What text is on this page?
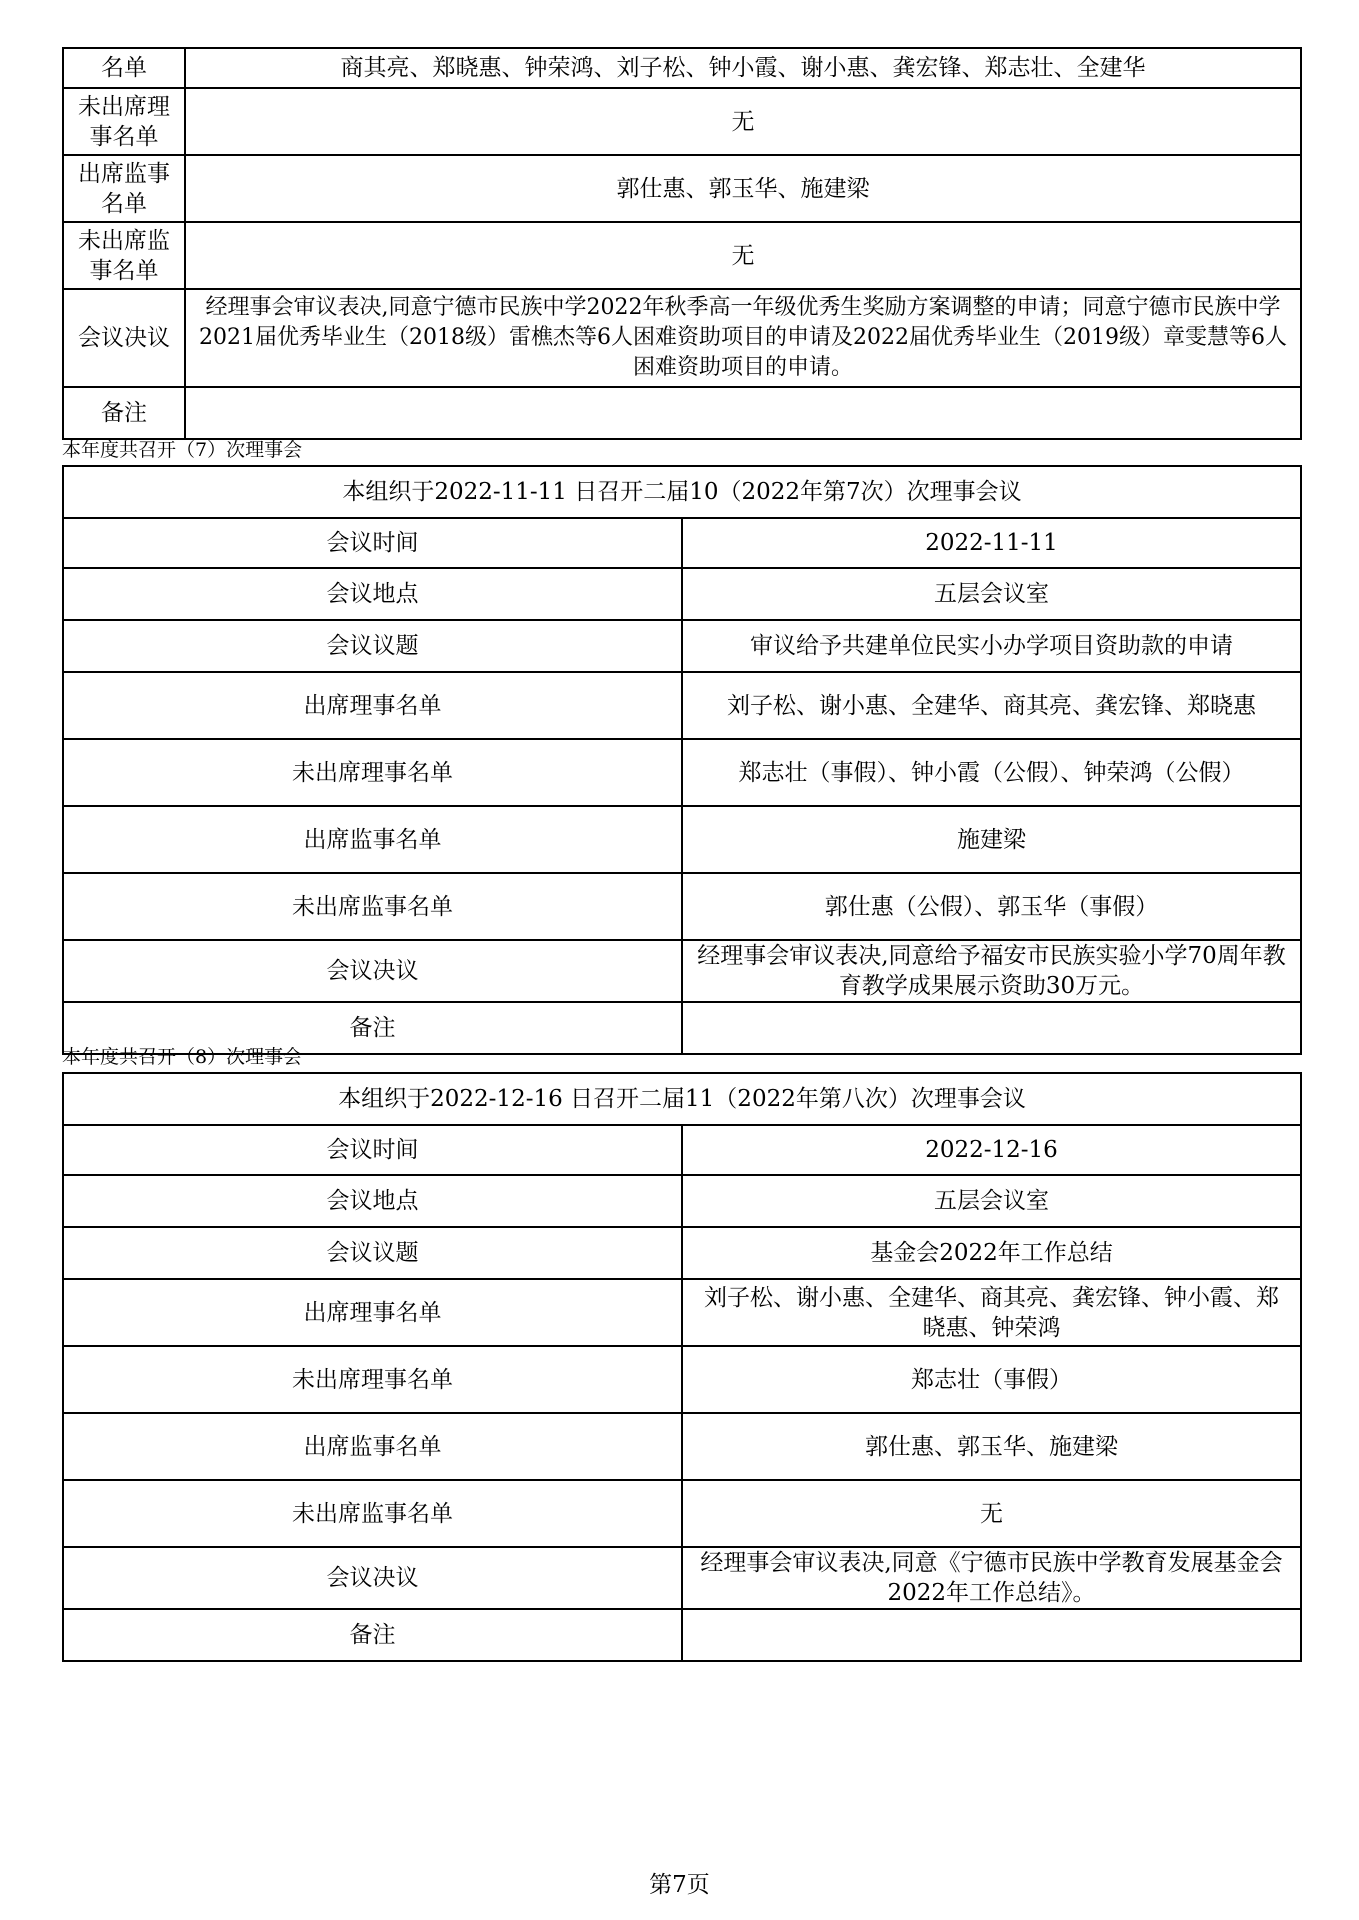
名单	商其亮、郑晓惠、钟荣鸿、刘子松、钟小霞、谢小惠、龚宏锋、郑志壮、全建华
未出席理事名单	无
出席监事名单	郭仕惠、郭玉华、施建梁
未出席监事名单	无
会议决议	经理事会审议表决,同意宁德市民族中学2022年秋季高一年级优秀生奖励方案调整的申请；同意宁德市民族中学2021届优秀毕业生（2018级）雷樵杰等6人困难资助项目的申请及2022届优秀毕业生（2019级）章雯慧等6人困难资助项目的申请。
备注	
本年度共召开（7）次理事会
本组织于2022-11-11 日召开二届10（2022年第7次）次理事会议	
会议时间	2022-11-11
会议地点	五层会议室
会议议题	审议给予共建单位民实小办学项目资助款的申请
出席理事名单	刘子松、谢小惠、全建华、商其亮、龚宏锋、郑晓惠
未出席理事名单	郑志壮（事假）、钟小霞（公假）、钟荣鸿（公假）
出席监事名单	施建梁
未出席监事名单	郭仕惠（公假）、郭玉华（事假）
会议决议	经理事会审议表决,同意给予福安市民族实验小学70周年教育教学成果展示资助30万元。
备注	
本年度共召开（8）次理事会
本组织于2022-12-16 日召开二届11（2022年第八次）次理事会议	
会议时间	2022-12-16
会议地点	五层会议室
会议议题	基金会2022年工作总结
出席理事名单	刘子松、谢小惠、全建华、商其亮、龚宏锋、钟小霞、郑晓惠、钟荣鸿
未出席理事名单	郑志壮（事假）
出席监事名单	郭仕惠、郭玉华、施建梁
未出席监事名单	无
会议决议	经理事会审议表决,同意《宁德市民族中学教育发展基金会2022年工作总结》。
备注	
第7页
